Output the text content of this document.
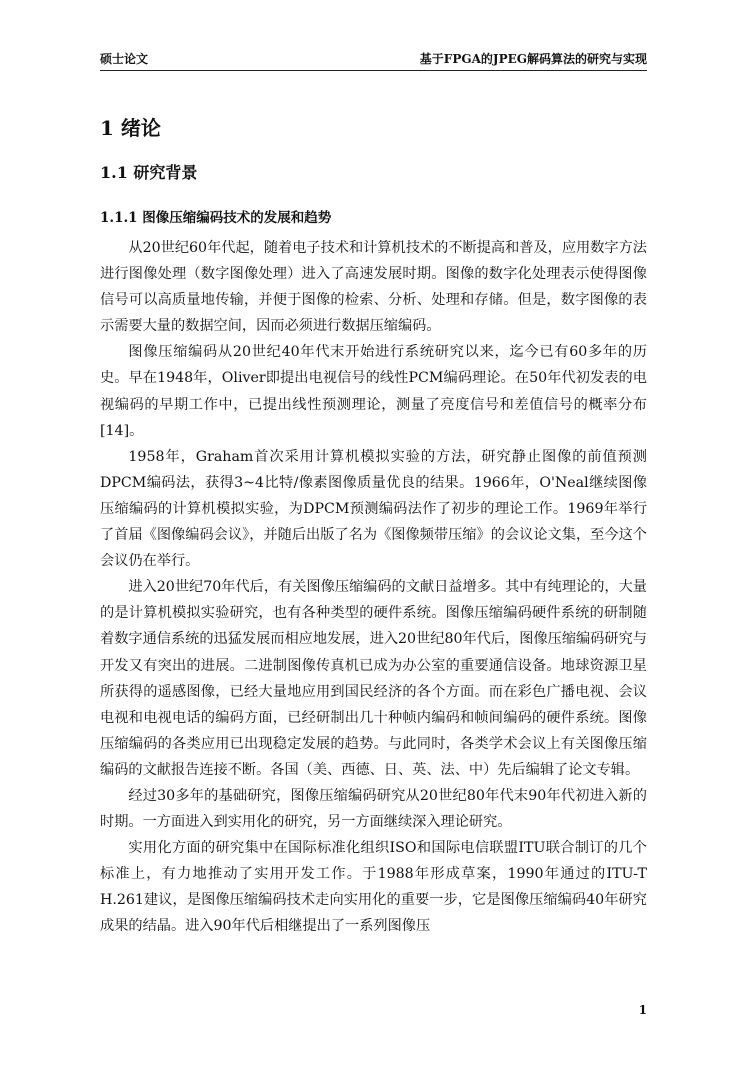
硕士论文	基于FPGA的JPEG解码算法的研究与实现
1 绪论
1.1 研究背景
1.1.1 图像压缩编码技术的发展和趋势

从20世纪60年代起，随着电子技术和计算机技术的不断提高和普及，应用数字方法进行图像处理（数字图像处理）进入了高速发展时期。图像的数字化处理表示使得图像信号可以高质量地传输，并便于图像的检索、分析、处理和存储。但是，数字图像的表示需要大量的数据空间，因而必须进行数据压缩编码。

图像压缩编码从20世纪40年代末开始进行系统研究以来，迄今已有60多年的历史。早在1948年，Oliver即提出电视信号的线性PCM编码理论。在50年代初发表的电视编码的早期工作中，已提出线性预测理论，测量了亮度信号和差值信号的概率分布[14]。

1958年，Graham首次采用计算机模拟实验的方法，研究静止图像的前值预测DPCM编码法，获得3~4比特/像素图像质量优良的结果。1966年，O'Neal继续图像压缩编码的计算机模拟实验，为DPCM预测编码法作了初步的理论工作。1969年举行了首届《图像编码会议》，并随后出版了名为《图像频带压缩》的会议论文集，至今这个会议仍在举行。

进入20世纪70年代后，有关图像压缩编码的文献日益增多。其中有纯理论的，大量的是计算机模拟实验研究，也有各种类型的硬件系统。图像压缩编码硬件系统的研制随着数字通信系统的迅猛发展而相应地发展，进入20世纪80年代后，图像压缩编码研究与开发又有突出的进展。二进制图像传真机已成为办公室的重要通信设备。地球资源卫星所获得的遥感图像，已经大量地应用到国民经济的各个方面。而在彩色广播电视、会议电视和电视电话的编码方面，已经研制出几十种帧内编码和帧间编码的硬件系统。图像压缩编码的各类应用已出现稳定发展的趋势。与此同时，各类学术会议上有关图像压缩编码的文献报告连接不断。各国（美、西德、日、英、法、中）先后编辑了论文专辑。

经过30多年的基础研究，图像压缩编码研究从20世纪80年代末90年代初进入新的时期。一方面进入到实用化的研究，另一方面继续深入理论研究。

实用化方面的研究集中在国际标准化组织ISO和国际电信联盟ITU联合制订的几个标准上，有力地推动了实用开发工作。于1988年形成草案，1990年通过的ITU-T H.261建议，是图像压缩编码技术走向实用化的重要一步，它是图像压缩编码40年研究成果的结晶。进入90年代后相继提出了一系列图像压

1
